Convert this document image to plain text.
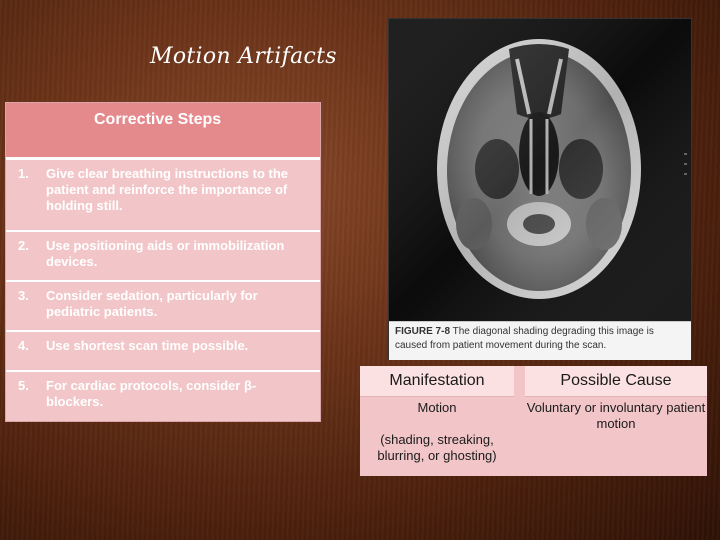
Motion Artifacts
Corrective Steps
1. Give clear breathing instructions to the patient and reinforce the importance of holding still.
2. Use positioning aids or immobilization devices.
3. Consider sedation, particularly for pediatric patients.
4. Use shortest scan time possible.
5. For cardiac protocols, consider β-blockers.
FIGURE 7-8 The diagonal shading degrading this image is caused from patient movement during the scan.
Manifestation	Possible Cause
Motion

(shading, streaking, blurring, or ghosting)
Voluntary or involuntary patient motion
